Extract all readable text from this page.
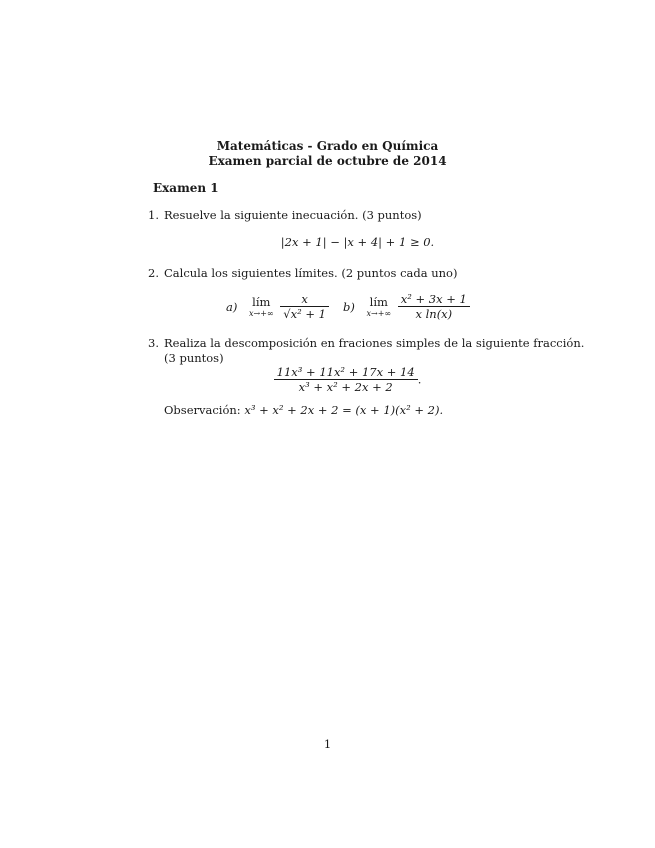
Matemáticas - Grado en Química
Examen parcial de octubre de 2014
Examen 1
1. Resuelve la siguiente inecuación. (3 puntos)
|2x + 1| − |x + 4| + 1 ≥ 0.
2. Calcula los siguientes límites. (2 puntos cada uno)
a) lím
x→+∞
$\frac{x}{\text{√x² + 1}} b$) lím
x→+∞
$\frac{\text{x² + 3x + 1}}{\text{x ln(x)}}$
3. Realiza la descomposición en fraciones simples de la siguiente fracción.
(3 puntos)
$\frac{\text{11x³ + 11x² + 17x + 14}}{\text{x³ + x² + 2x + 2}}$ .
Observación: x³ + x² + 2x + 2 = (x + 1)(x² + 2).
1
